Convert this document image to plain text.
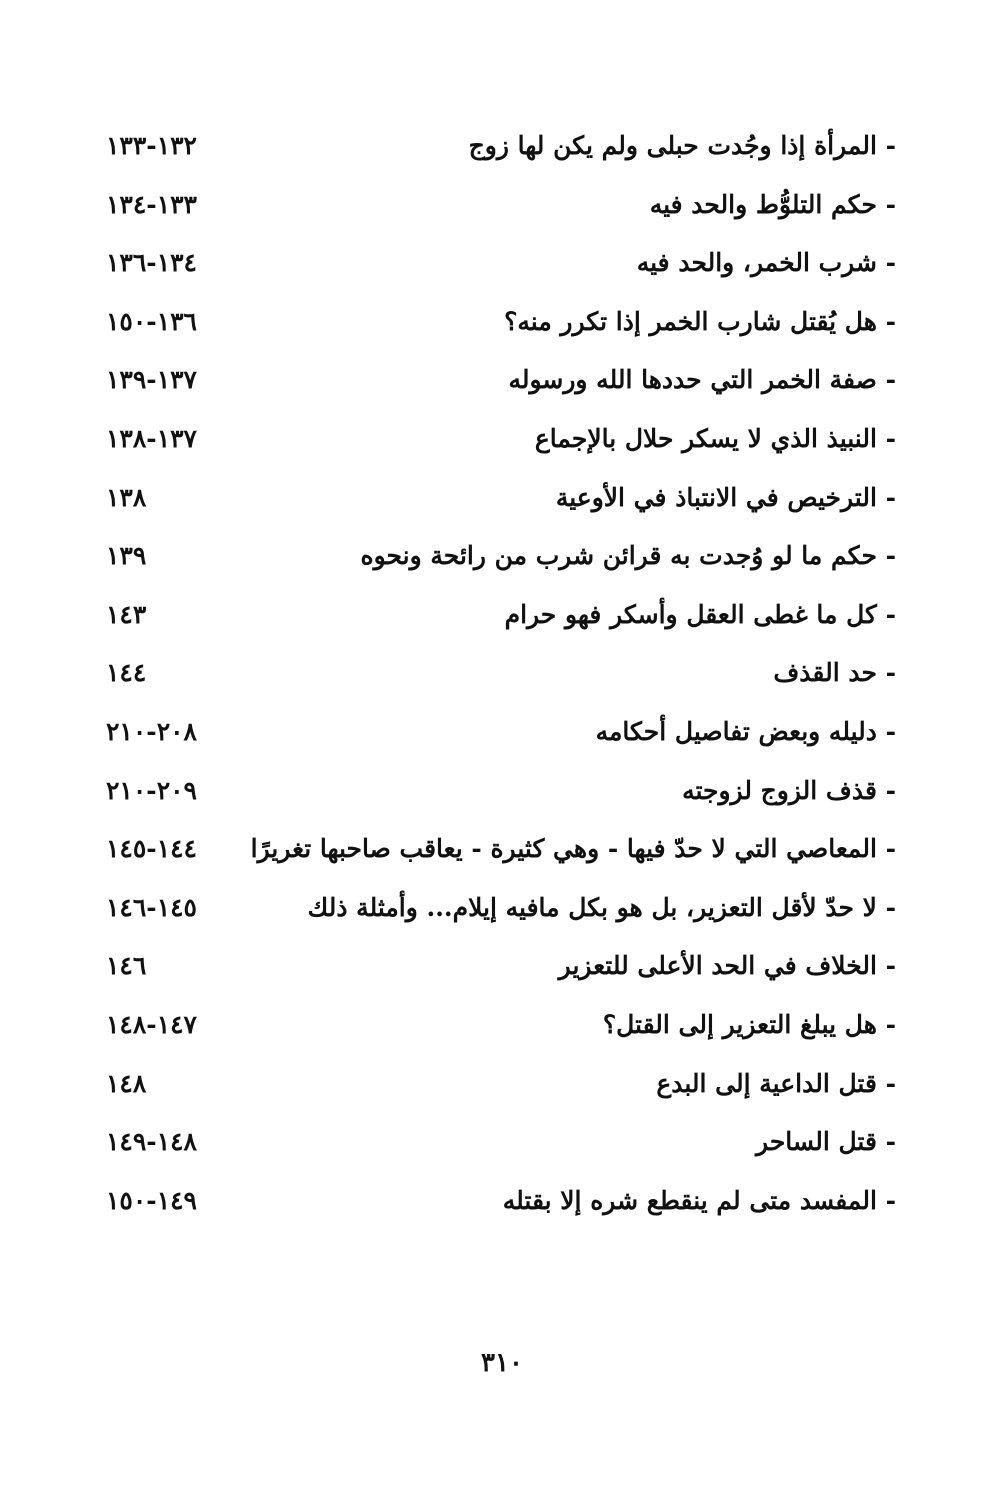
- المرأة إذا وجُدت حبلى ولم يكن لها زوج
١٣٢-١٣٣
- حكم التلوُّط والحد فيه
١٣٣-١٣٤
- شرب الخمر، والحد فيه
١٣٤-١٣٦
- هل يُقتل شارب الخمر إذا تكرر منه؟
١٣٦-١٥٠
- صفة الخمر التي حددها الله ورسوله
١٣٧-١٣٩
- النبيذ الذي لا يسكر حلال بالإجماع
١٣٧-١٣٨
- الترخيص في الانتباذ في الأوعية
١٣٨
- حكم ما لو وُجدت به قرائن شرب من رائحة ونحوه
١٣٩
- كل ما غطى العقل وأسكر فهو حرام
١٤٣
- حد القذف
١٤٤
- دليله وبعض تفاصيل أحكامه
٢٠٨-٢١٠
- قذف الزوج لزوجته
٢٠٩-٢١٠
- المعاصي التي لا حدّ فيها - وهي كثيرة - يعاقب صاحبها تغريرًا
١٤٤-١٤٥
- لا حدّ لأقل التعزير، بل هو بكل مافيه إيلام... وأمثلة ذلك
١٤٥-١٤٦
- الخلاف في الحد الأعلى للتعزير
١٤٦
- هل يبلغ التعزير إلى القتل؟
١٤٧-١٤٨
- قتل الداعية إلى البدع
١٤٨
- قتل الساحر
١٤٨-١٤٩
- المفسد متى لم ينقطع شره إلا بقتله
١٤٩-١٥٠
٣١٠
